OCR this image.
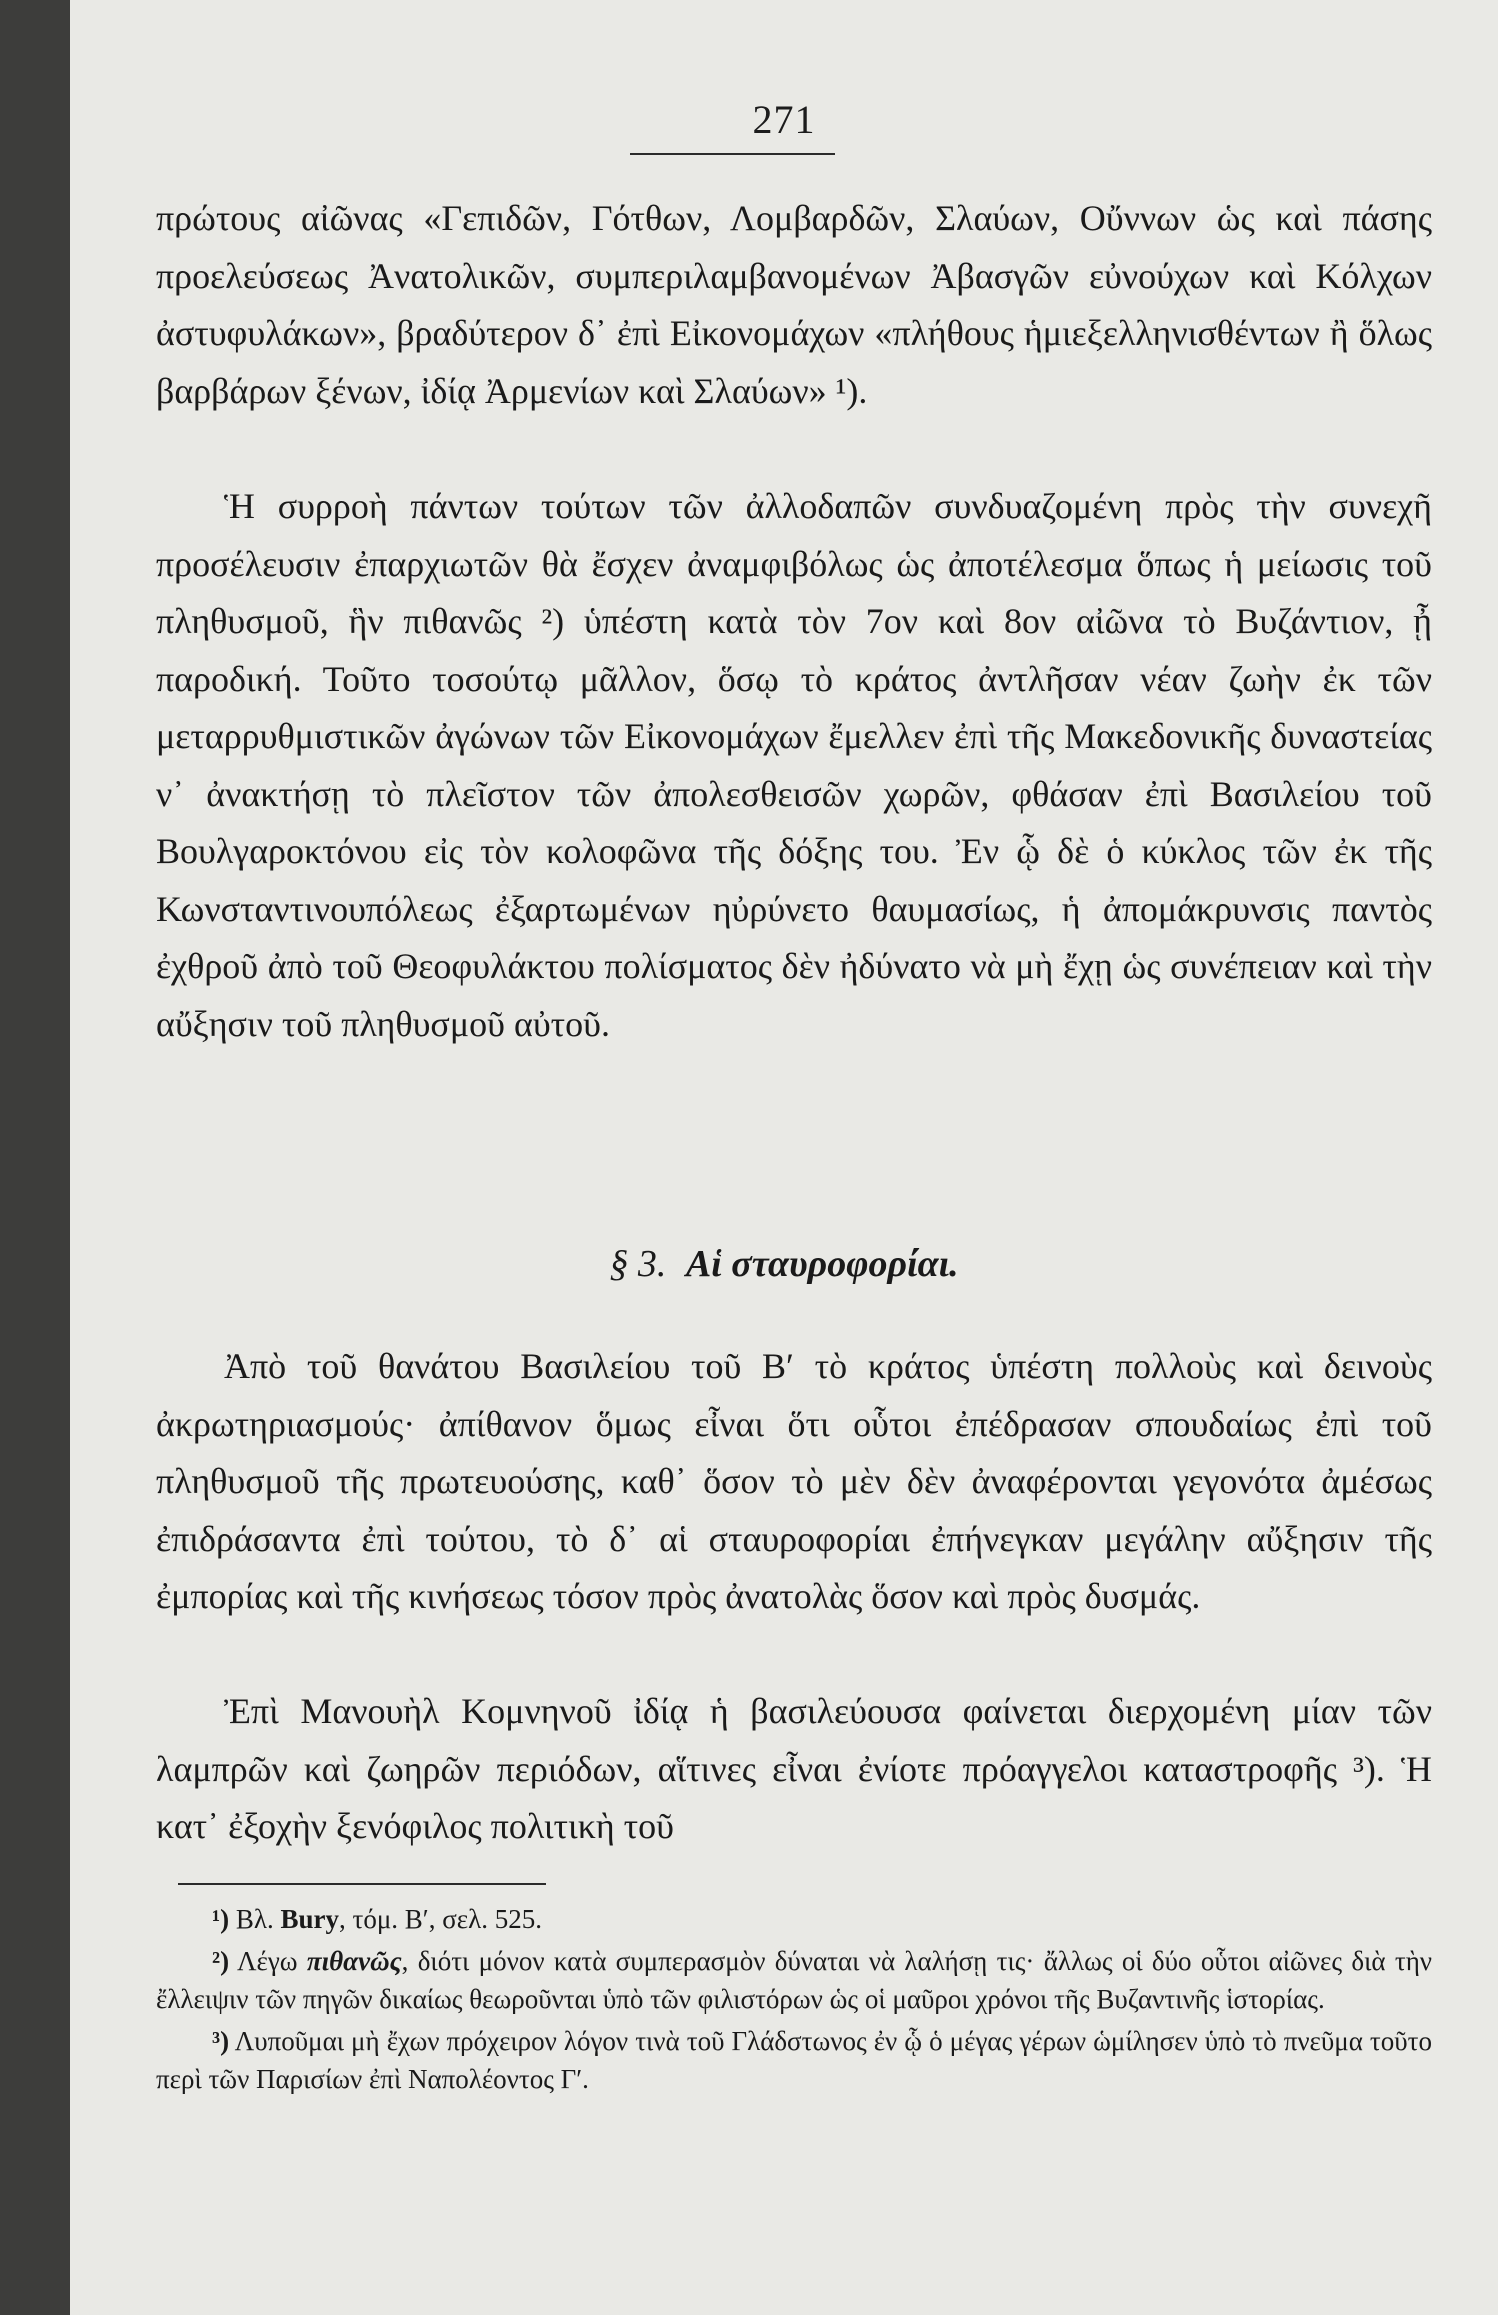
271

πρώτους αἰῶνας «Γεπιδῶν, Γότθων, Λομβαρδῶν, Σλαύων, Οὔννων ὡς καὶ πάσης προελεύσεως Ἀνατολικῶν, συμπεριλαμβανομένων Ἀβασγῶν εὐνούχων καὶ Κόλχων ἀστυφυλάκων», βραδύτερον δ᾽ ἐπὶ Εἰκονομάχων «πλήθους ἡμιεξελληνισθέντων ἢ ὅλως βαρβάρων ξένων, ἰδίᾳ Ἀρμενίων καὶ Σλαύων» ¹).

Ἡ συρροὴ πάντων τούτων τῶν ἀλλοδαπῶν συνδυαζομένη πρὸς τὴν συνεχῆ προσέλευσιν ἐπαρχιωτῶν θὰ ἔσχεν ἀναμφιβόλως ὡς ἀποτέλεσμα ὅπως ἡ μείωσις τοῦ πληθυσμοῦ, ἣν πιθανῶς ²) ὑπέστη κατὰ τὸν 7ον καὶ 8ον αἰῶνα τὸ Βυζάντιον, ᾖ παροδική. Τοῦτο τοσούτῳ μᾶλλον, ὅσῳ τὸ κράτος ἀντλῆσαν νέαν ζωὴν ἐκ τῶν μεταρρυθμιστικῶν ἀγώνων τῶν Εἰκονομάχων ἔμελλεν ἐπὶ τῆς Μακεδονικῆς δυναστείας ν᾽ ἀνακτήσῃ τὸ πλεῖστον τῶν ἀπολεσθεισῶν χωρῶν, φθάσαν ἐπὶ Βασιλείου τοῦ Βουλγαροκτόνου εἰς τὸν κολοφῶνα τῆς δόξης του. Ἐν ᾧ δὲ ὁ κύκλος τῶν ἐκ τῆς Κωνσταντινουπόλεως ἐξαρτωμένων ηὐρύνετο θαυμασίως, ἡ ἀπομάκρυνσις παντὸς ἐχθροῦ ἀπὸ τοῦ Θεοφυλάκτου πολίσματος δὲν ἠδύνατο νὰ μὴ ἔχῃ ὡς συνέπειαν καὶ τὴν αὔξησιν τοῦ πληθυσμοῦ αὐτοῦ.

§ 3. Αἱ σταυροφορίαι.

Ἀπὸ τοῦ θανάτου Βασιλείου τοῦ Β′ τὸ κράτος ὑπέστη πολλοὺς καὶ δεινοὺς ἀκρωτηριασμούς· ἀπίθανον ὅμως εἶναι ὅτι οὗτοι ἐπέδρασαν σπουδαίως ἐπὶ τοῦ πληθυσμοῦ τῆς πρωτευούσης, καθ᾽ ὅσον τὸ μὲν δὲν ἀναφέρονται γεγονότα ἀμέσως ἐπιδράσαντα ἐπὶ τούτου, τὸ δ᾽ αἱ σταυροφορίαι ἐπήνεγκαν μεγάλην αὔξησιν τῆς ἐμπορίας καὶ τῆς κινήσεως τόσον πρὸς ἀνατολὰς ὅσον καὶ πρὸς δυσμάς.

Ἐπὶ Μανουὴλ Κομνηνοῦ ἰδίᾳ ἡ βασιλεύουσα φαίνεται διερχομένη μίαν τῶν λαμπρῶν καὶ ζωηρῶν περιόδων, αἵτινες εἶναι ἐνίοτε πρόαγγελοι καταστροφῆς ³). Ἡ κατ᾽ ἐξοχὴν ξενόφιλος πολιτικὴ τοῦ

¹) Βλ. Bury, τόμ. Β′, σελ. 525.

²) Λέγω πιθανῶς, διότι μόνον κατὰ συμπερασμὸν δύναται νὰ λαλήσῃ τις· ἄλλως οἱ δύο οὗτοι αἰῶνες διὰ τὴν ἔλλειψιν τῶν πηγῶν δικαίως θεωροῦνται ὑπὸ τῶν φιλιστόρων ὡς οἱ μαῦροι χρόνοι τῆς Βυζαντινῆς ἱστορίας.

³) Λυποῦμαι μὴ ἔχων πρόχειρον λόγον τινὰ τοῦ Γλάδστωνος ἐν ᾧ ὁ μέγας γέρων ὡμίλησεν ὑπὸ τὸ πνεῦμα τοῦτο περὶ τῶν Παρισίων ἐπὶ Ναπολέοντος Γ′.
